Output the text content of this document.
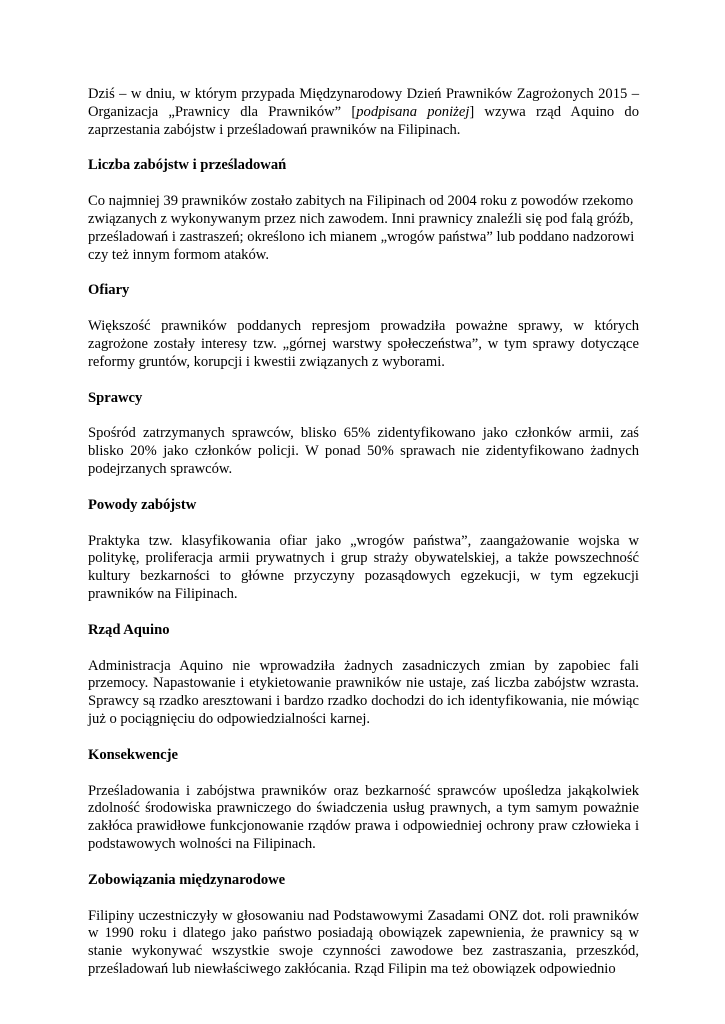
Dziś – w dniu, w którym przypada Międzynarodowy Dzień Prawników Zagrożonych 2015 – Organizacja „Prawnicy dla Prawników” [podpisana poniżej] wzywa rząd Aquino do zaprzestania zabójstw i prześladowań prawników na Filipinach.

Liczba zabójstw i prześladowań

Co najmniej 39 prawników zostało zabitych na Filipinach od 2004 roku z powodów rzekomo związanych z wykonywanym przez nich zawodem. Inni prawnicy znaleźli się pod falą gróźb, prześladowań i zastraszeń; określono ich mianem „wrogów państwa” lub poddano nadzorowi czy też innym formom ataków.

Ofiary

Większość prawników poddanych represjom prowadziła poważne sprawy, w których zagrożone zostały interesy tzw. „górnej warstwy społeczeństwa”, w tym sprawy dotyczące reformy gruntów, korupcji i kwestii związanych z wyborami.

Sprawcy

Spośród zatrzymanych sprawców, blisko 65% zidentyfikowano jako członków armii, zaś blisko 20% jako członków policji. W ponad 50% sprawach nie zidentyfikowano żadnych podejrzanych sprawców.

Powody zabójstw

Praktyka tzw. klasyfikowania ofiar jako „wrogów państwa”, zaangażowanie wojska w politykę, proliferacja armii prywatnych i grup straży obywatelskiej, a także powszechność kultury bezkarności to główne przyczyny pozasądowych egzekucji, w tym egzekucji prawników na Filipinach.

Rząd Aquino

Administracja Aquino nie wprowadziła żadnych zasadniczych zmian by zapobiec fali przemocy. Napastowanie i etykietowanie prawników nie ustaje, zaś liczba zabójstw wzrasta. Sprawcy są rzadko aresztowani i bardzo rzadko dochodzi do ich identyfikowania, nie mówiąc już o pociągnięciu do odpowiedzialności karnej.

Konsekwencje

Prześladowania i zabójstwa prawników oraz bezkarność sprawców upośledza jakąkolwiek zdolność środowiska prawniczego do świadczenia usług prawnych, a tym samym poważnie zakłóca prawidłowe funkcjonowanie rządów prawa i odpowiedniej ochrony praw człowieka i podstawowych wolności na Filipinach.

Zobowiązania międzynarodowe

Filipiny uczestniczyły w głosowaniu nad Podstawowymi Zasadami ONZ dot. roli prawników w 1990 roku i dlatego jako państwo posiadają obowiązek zapewnienia, że prawnicy są w stanie wykonywać wszystkie swoje czynności zawodowe bez zastraszania, przeszkód, prześladowań lub niewłaściwego zakłócania. Rząd Filipin ma też obowiązek odpowiednio
